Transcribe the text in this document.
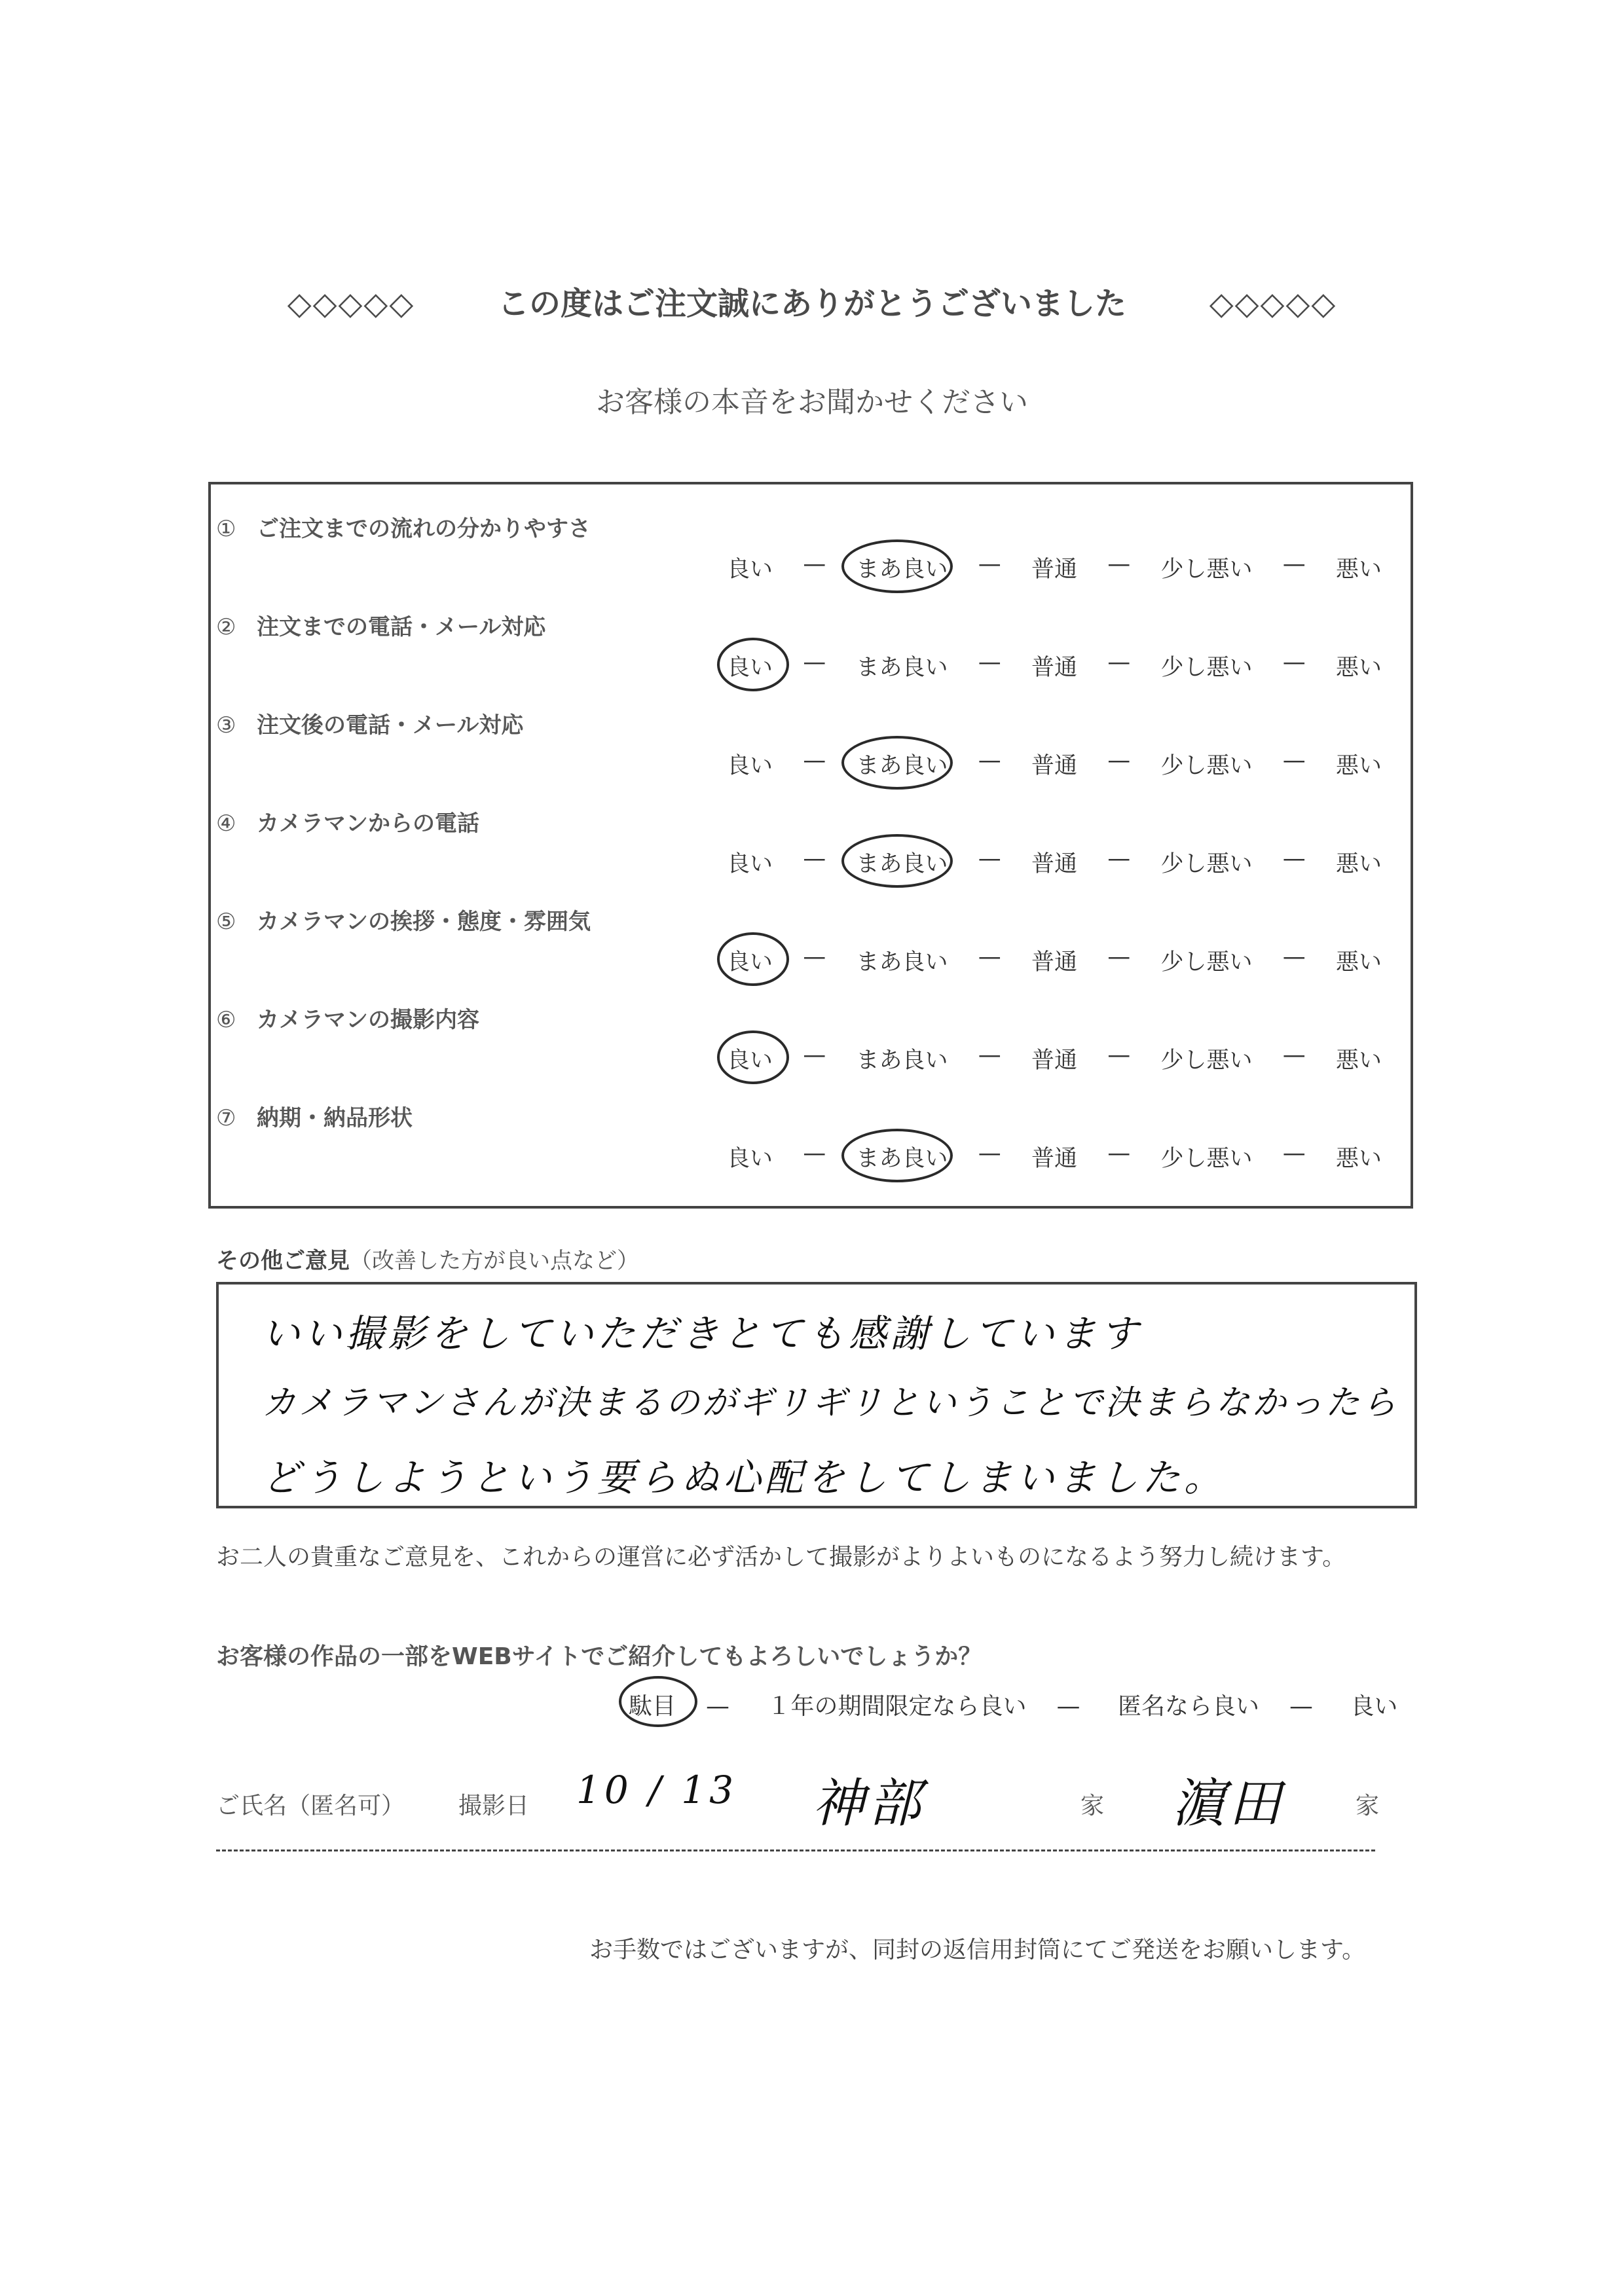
◇◇◇◇◇	この度はご注文誠にありがとうございました	◇◇◇◇◇
お客様の本音をお聞かせください
① ご注文までの流れの分かりやすさ
良い — まあ良い — 普通 — 少し悪い — 悪い
② 注文までの電話・メール対応
良い — まあ良い — 普通 — 少し悪い — 悪い
③ 注文後の電話・メール対応
良い — まあ良い — 普通 — 少し悪い — 悪い
④ カメラマンからの電話
良い — まあ良い — 普通 — 少し悪い — 悪い
⑤ カメラマンの挨拶・態度・雰囲気
良い — まあ良い — 普通 — 少し悪い — 悪い
⑥ カメラマンの撮影内容
良い — まあ良い — 普通 — 少し悪い — 悪い
⑦ 納期・納品形状
良い — まあ良い — 普通 — 少し悪い — 悪い
その他ご意見（改善した方が良い点など）
いい撮影をしていただきとても感謝しています
カメラマンさんが決まるのがギリギリということで決まらなかったら
どうしようという要らぬ心配をしてしまいました。
お二人の貴重なご意見を、これからの運営に必ず活かして撮影がよりよいものになるよう努力し続けます。
お客様の作品の一部をWEBサイトでご紹介してもよろしいでしょうか？
駄目 — １年の期間限定なら良い — 匿名なら良い — 良い
ご氏名（匿名可） 撮影日 10 / 13 神部	家 濵田	家
お手数ではございますが、同封の返信用封筒にてご発送をお願いします。
